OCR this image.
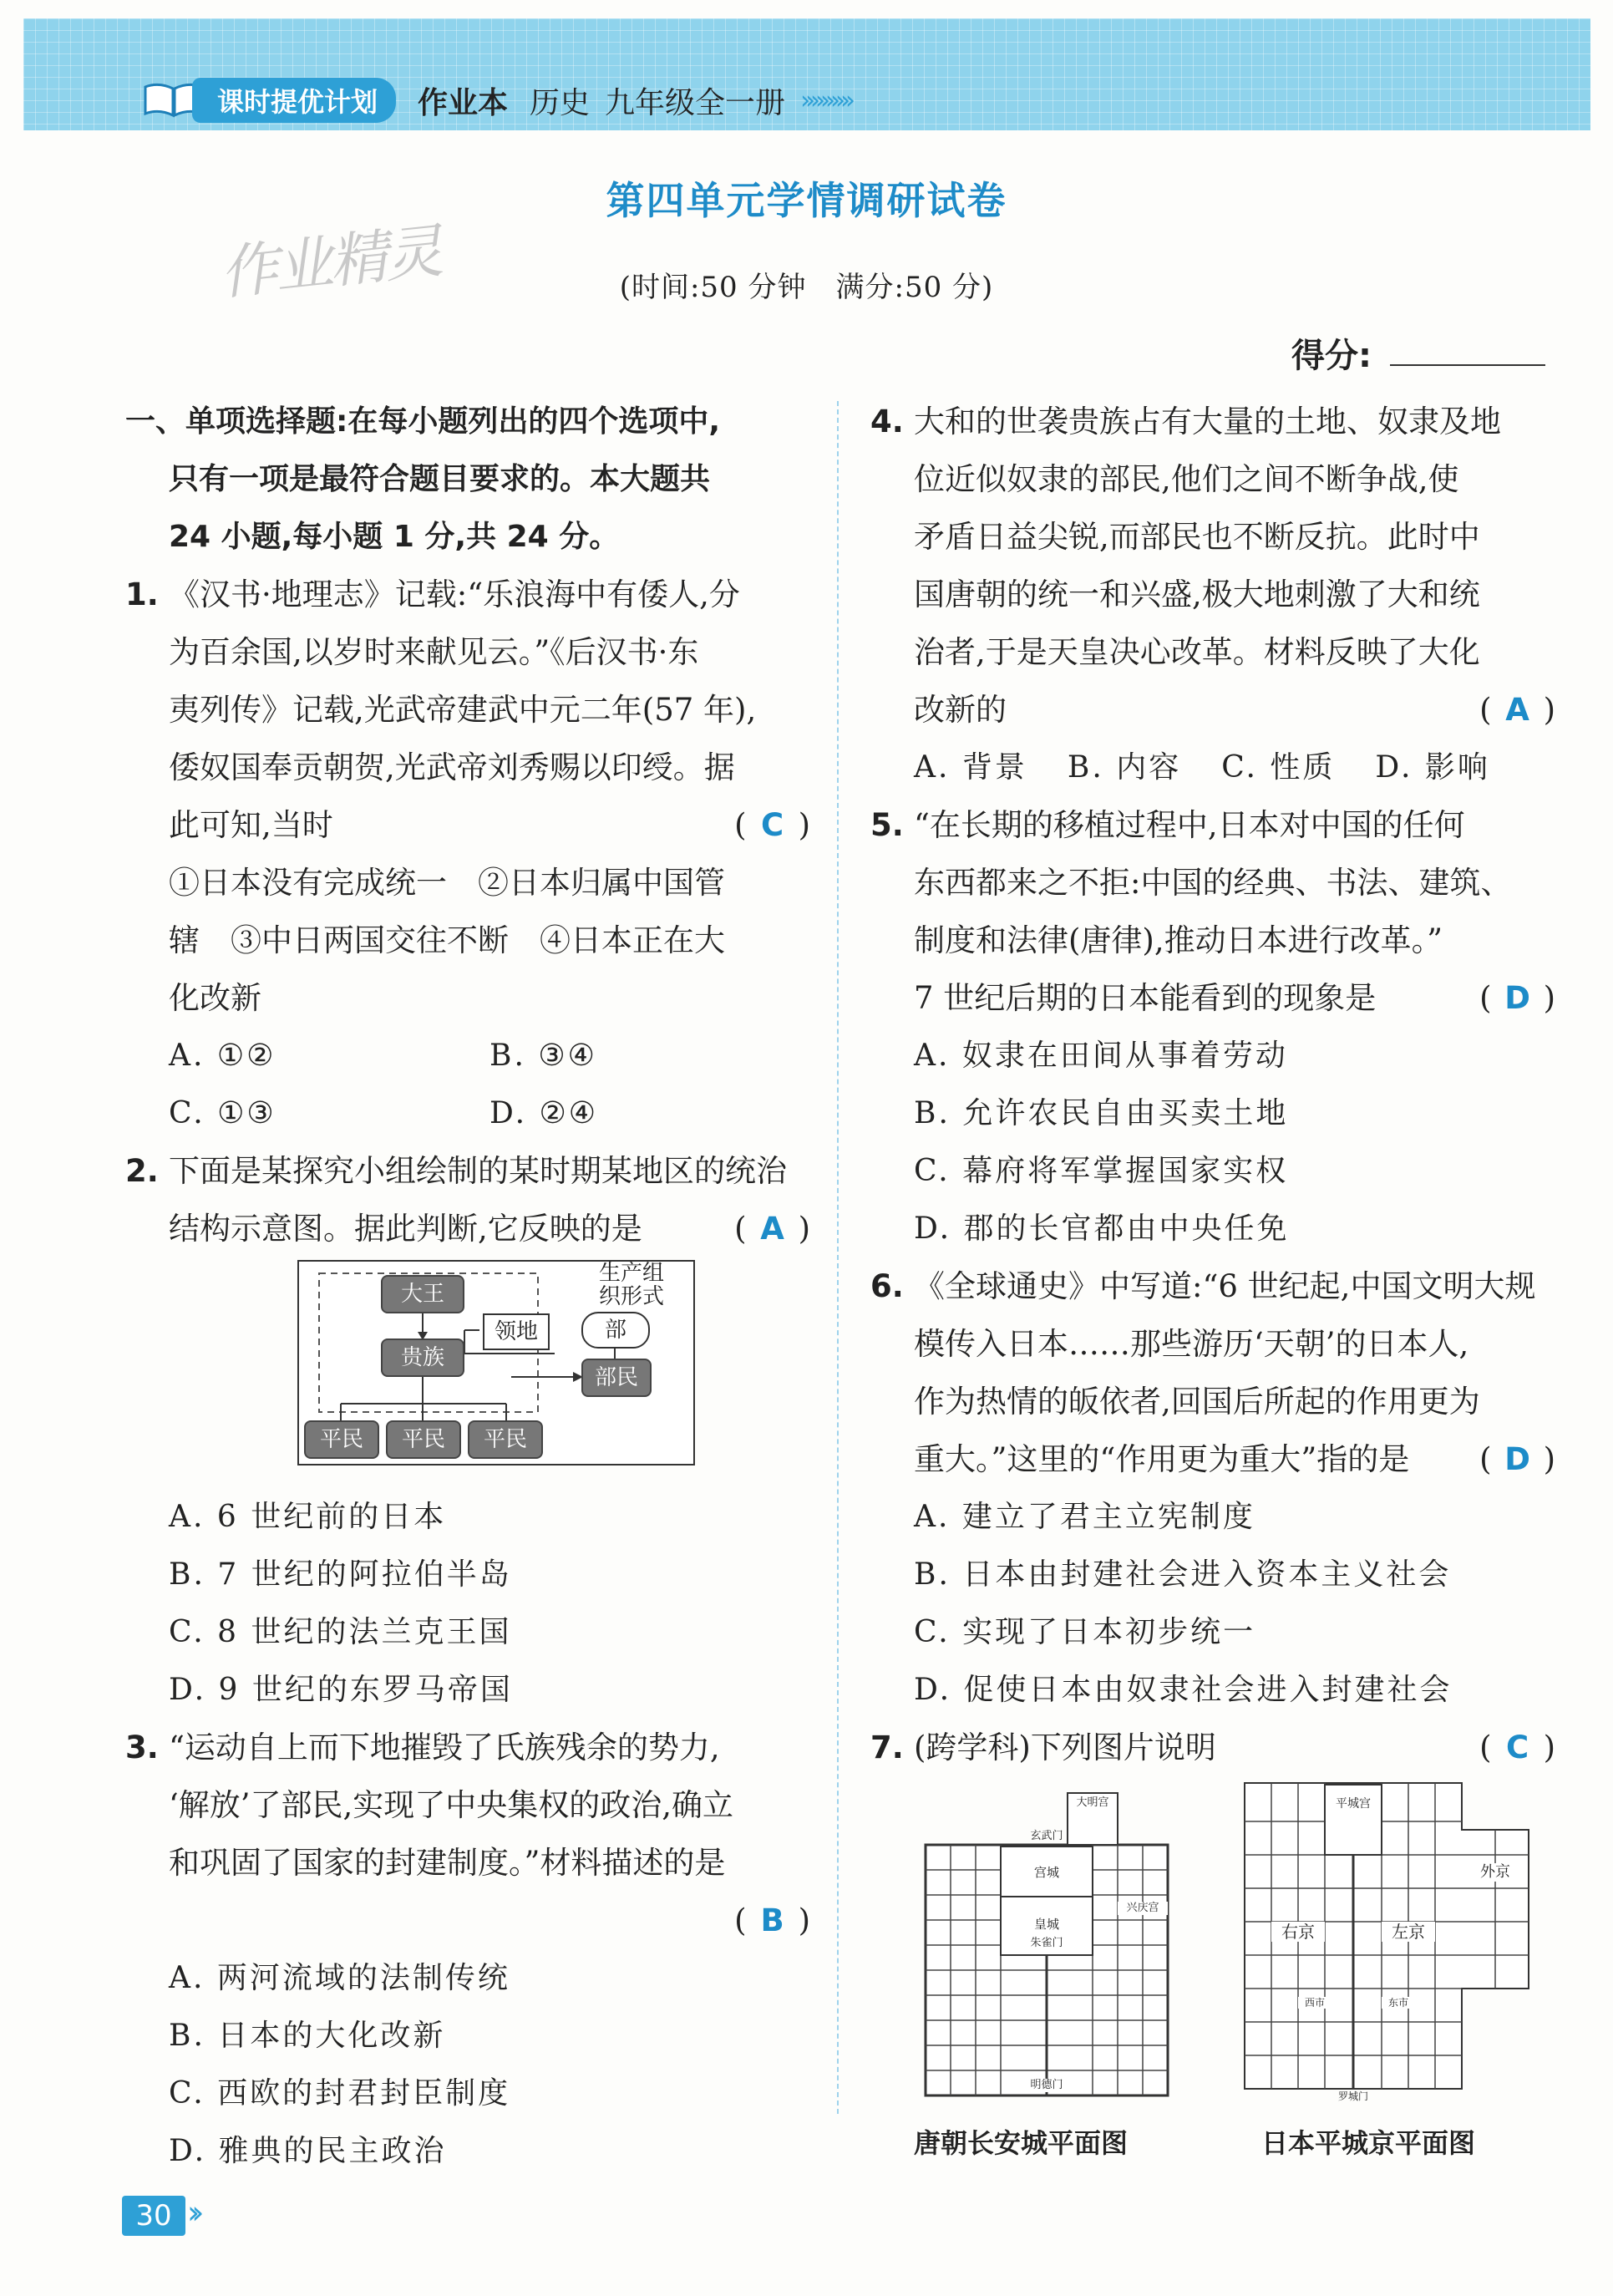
课时提优计划	作业本 历史 九年级全一册 ››››››››››
作业精灵
第四单元学情调研试卷
(时间:50 分钟　满分:50 分)
得分:
一、单项选择题:在每小题列出的四个选项中,
只有一项是最符合题目要求的。本大题共
24 小题,每小题 1 分,共 24 分。
1. 《汉书·地理志》记载:“乐浪海中有倭人,分
为百余国,以岁时来献见云。”《后汉书·东
夷列传》记载,光武帝建武中元二年(57 年),
倭奴国奉贡朝贺,光武帝刘秀赐以印绶。据
此可知,当时	( C )
①日本没有完成统一　②日本归属中国管
辖　③中日两国交往不断　④日本正在大
化改新
A. ①②	B. ③④
C. ①③	D. ②④
2. 下面是某探究小组绘制的某时期某地区的统治
结构示意图。据此判断,它反映的是	( A )
A. 6 世纪前的日本
B. 7 世纪的阿拉伯半岛
C. 8 世纪的法兰克王国
D. 9 世纪的东罗马帝国
3. “运动自上而下地摧毁了氏族残余的势力,
‘解放’了部民,实现了中央集权的政治,确立
和巩固了国家的封建制度。”材料描述的是
( B )
A. 两河流域的法制传统
B. 日本的大化改新
C. 西欧的封君封臣制度
D. 雅典的民主政治
大王
贵族
领地	部
部民
平民	平民	平民
生产组
织形式
4. 大和的世袭贵族占有大量的土地、奴隶及地
位近似奴隶的部民,他们之间不断争战,使
矛盾日益尖锐,而部民也不断反抗。此时中
国唐朝的统一和兴盛,极大地刺激了大和统
治者,于是天皇决心改革。材料反映了大化
改新的	( A )
A. 背景 B. 内容 C. 性质 D. 影响
5. “在长期的移植过程中,日本对中国的任何
东西都来之不拒:中国的经典、书法、建筑、
制度和法律(唐律),推动日本进行改革。”
7 世纪后期的日本能看到的现象是	( D )
A. 奴隶在田间从事着劳动
B. 允许农民自由买卖土地
C. 幕府将军掌握国家实权
D. 郡的长官都由中央任免
6. 《全球通史》中写道:“6 世纪起,中国文明大规
模传入日本……那些游历‘天朝’的日本人,
作为热情的皈依者,回国后所起的作用更为
重大。”这里的“作用更为重大”指的是 ( D )
A. 建立了君主立宪制度
B. 日本由封建社会进入资本主义社会
C. 实现了日本初步统一
D. 促使日本由奴隶社会进入封建社会
7. (跨学科)下列图片说明	( C )
大明宫
玄武门
宫城
皇城
朱雀门
兴庆宫
明德门
平城宫
右京	左京
外京
西市	东市
罗城门
唐朝长安城平面图	日本平城京平面图
30 ››
